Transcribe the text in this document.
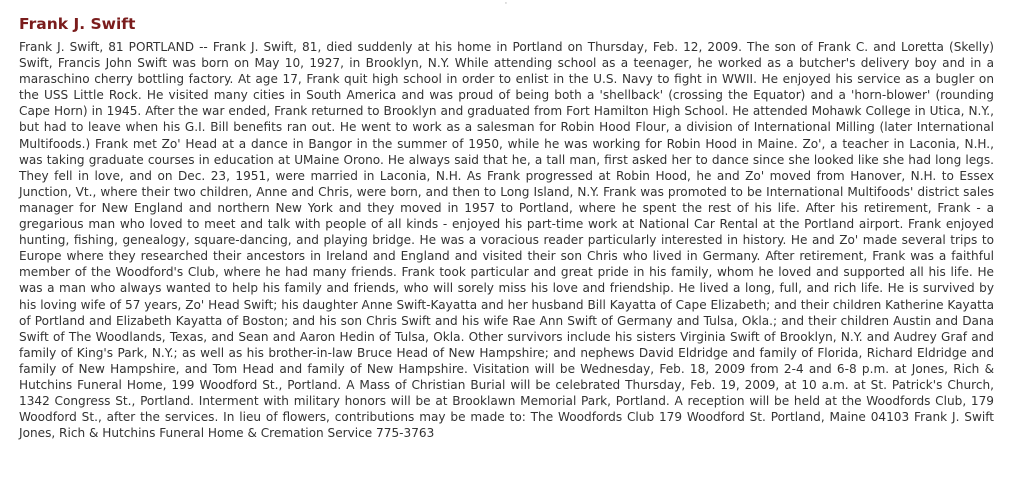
'
Frank J. Swift

Frank J. Swift, 81 PORTLAND -- Frank J. Swift, 81, died suddenly at his home in Portland on Thursday, Feb. 12, 2009. The son of Frank C. and Loretta (Skelly) Swift, Francis John Swift was born on May 10, 1927, in Brooklyn, N.Y. While attending school as a teenager, he worked as a butcher's delivery boy and in a maraschino cherry bottling factory. At age 17, Frank quit high school in order to enlist in the U.S. Navy to fight in WWII. He enjoyed his service as a bugler on the USS Little Rock. He visited many cities in South America and was proud of being both a 'shellback' (crossing the Equator) and a 'horn-blower' (rounding Cape Horn) in 1945. After the war ended, Frank returned to Brooklyn and graduated from Fort Hamilton High School. He attended Mohawk College in Utica, N.Y., but had to leave when his G.I. Bill benefits ran out. He went to work as a salesman for Robin Hood Flour, a division of International Milling (later International Multifoods.) Frank met Zo' Head at a dance in Bangor in the summer of 1950, while he was working for Robin Hood in Maine. Zo', a teacher in Laconia, N.H., was taking graduate courses in education at UMaine Orono. He always said that he, a tall man, first asked her to dance since she looked like she had long legs. They fell in love, and on Dec. 23, 1951, were married in Laconia, N.H. As Frank progressed at Robin Hood, he and Zo' moved from Hanover, N.H. to Essex Junction, Vt., where their two children, Anne and Chris, were born, and then to Long Island, N.Y. Frank was promoted to be International Multifoods' district sales manager for New England and northern New York and they moved in 1957 to Portland, where he spent the rest of his life. After his retirement, Frank - a gregarious man who loved to meet and talk with people of all kinds - enjoyed his part-time work at National Car Rental at the Portland airport. Frank enjoyed hunting, fishing, genealogy, square-dancing, and playing bridge. He was a voracious reader particularly interested in history. He and Zo' made several trips to Europe where they researched their ancestors in Ireland and England and visited their son Chris who lived in Germany. After retirement, Frank was a faithful member of the Woodford's Club, where he had many friends. Frank took particular and great pride in his family, whom he loved and supported all his life. He was a man who always wanted to help his family and friends, who will sorely miss his love and friendship. He lived a long, full, and rich life. He is survived by his loving wife of 57 years, Zo' Head Swift; his daughter Anne Swift-Kayatta and her husband Bill Kayatta of Cape Elizabeth; and their children Katherine Kayatta of Portland and Elizabeth Kayatta of Boston; and his son Chris Swift and his wife Rae Ann Swift of Germany and Tulsa, Okla.; and their children Austin and Dana Swift of The Woodlands, Texas, and Sean and Aaron Hedin of Tulsa, Okla. Other survivors include his sisters Virginia Swift of Brooklyn, N.Y. and Audrey Graf and family of King's Park, N.Y.; as well as his brother-in-law Bruce Head of New Hampshire; and nephews David Eldridge and family of Florida, Richard Eldridge and family of New Hampshire, and Tom Head and family of New Hampshire. Visitation will be Wednesday, Feb. 18, 2009 from 2-4 and 6-8 p.m. at Jones, Rich & Hutchins Funeral Home, 199 Woodford St., Portland. A Mass of Christian Burial will be celebrated Thursday, Feb. 19, 2009, at 10 a.m. at St. Patrick's Church, 1342 Congress St., Portland. Interment with military honors will be at Brooklawn Memorial Park, Portland. A reception will be held at the Woodfords Club, 179 Woodford St., after the services. In lieu of flowers, contributions may be made to: The Woodfords Club 179 Woodford St. Portland, Maine 04103 Frank J. Swift Jones, Rich & Hutchins Funeral Home & Cremation Service 775-3763
